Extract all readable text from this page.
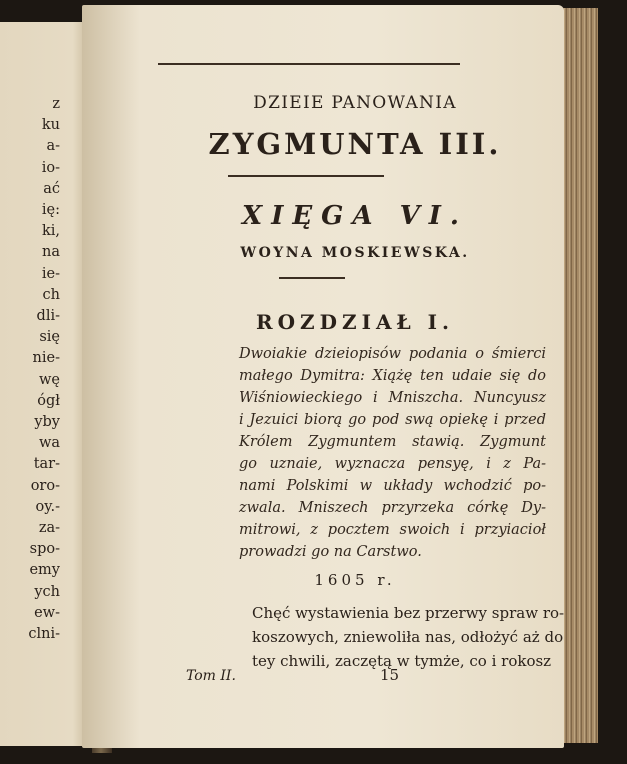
z
ku
a-
io-
ać
ię:
ki,
na
ie-
ch
dli-
się
nie-
wę
ógł
yby
wa
tar-
oro-
oy.-
za-
spo-
emy
ych
ew-
clni-
DZIEIE PANOWANIA
ZYGMUNTA III.
XIĘGA VI.
WOYNA MOSKIEWSKA.
ROZDZIAŁ I.
Dwoiakie dzieiopisów podania o śmierci
małego Dymitra: Xiążę ten udaie się do
Wiśniowieckiego i Mniszcha. Nuncyusz
i Jezuici biorą go pod swą opiekę i przed
Królem Zygmuntem stawią. Zygmunt
go uznaie, wyznacza pensyę, i z Pa-
nami Polskimi w układy wchodzić po-
zwala. Mniszech przyrzeka córkę Dy-
mitrowi, z pocztem swoich i przyiacioł
prowadzi go na Carstwo.
1605 r.
Chęć wystawienia bez przerwy spraw ro-
koszowych, zniewoliła nas, odłożyć aż do
tey chwili, zaczętą w tymże, co i rokosz
Tom II.	15
